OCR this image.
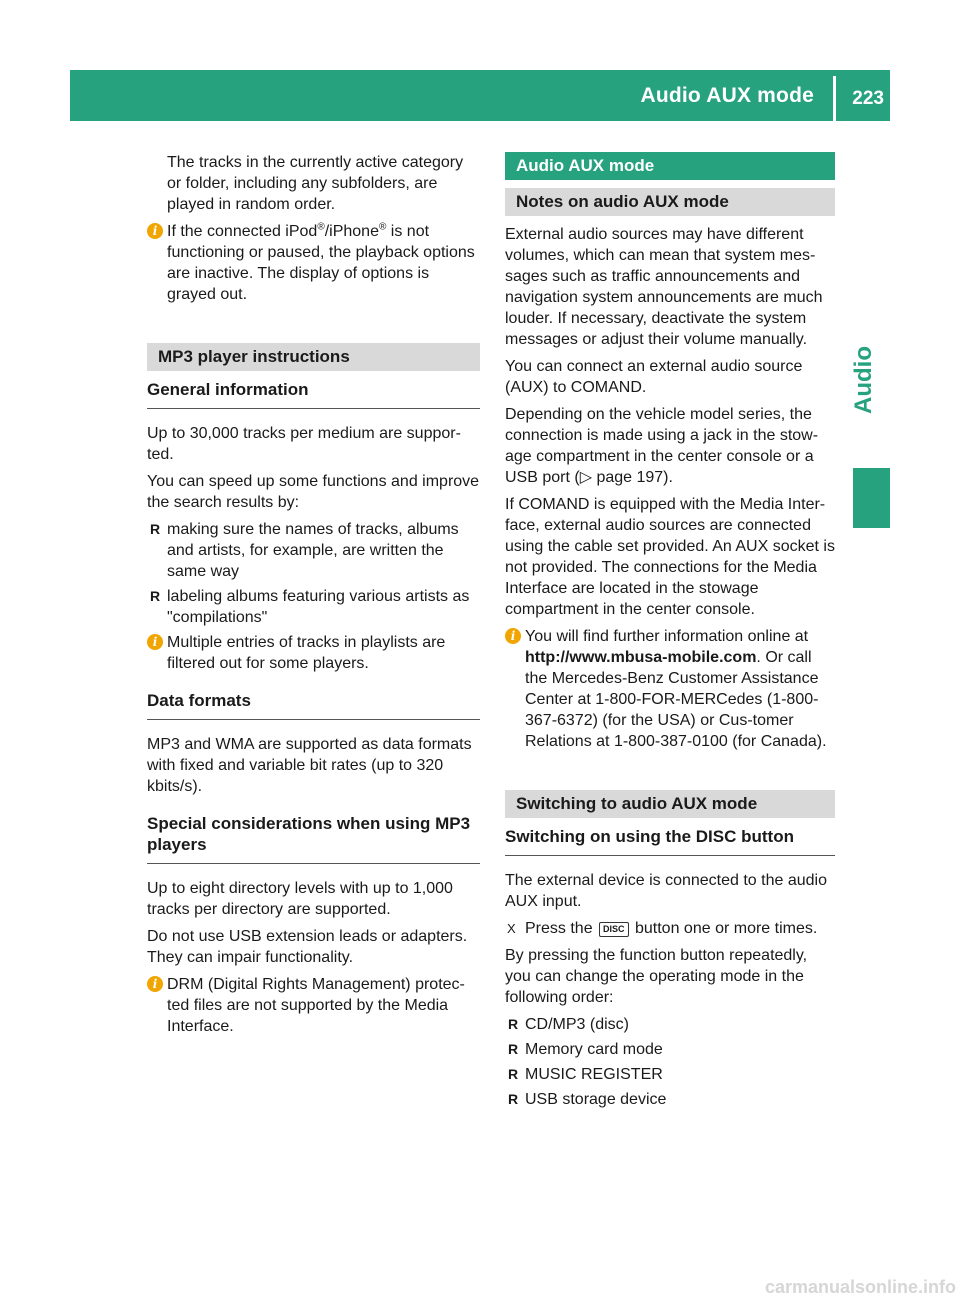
Audio AUX mode 223
Audio

The tracks in the currently active category or folder, including any subfolders, are played in random order.

i If the connected iPod®/iPhone® is not functioning or paused, the playback options are inactive. The display of options is grayed out.
MP3 player instructions
General information

Up to 30,000 tracks per medium are suppor-ted.

You can speed up some functions and improve the search results by:

R making sure the names of tracks, albums and artists, for example, are written the same way
R labeling albums featuring various artists as "compilations"
i Multiple entries of tracks in playlists are filtered out for some players.
Data formats

MP3 and WMA are supported as data formats with fixed and variable bit rates (up to 320 kbits/s).

Special considerations when using MP3 players

Up to eight directory levels with up to 1,000 tracks per directory are supported.

Do not use USB extension leads or adapters. They can impair functionality.

i DRM (Digital Rights Management) protec-ted files are not supported by the Media Interface.
Audio AUX mode
Notes on audio AUX mode

External audio sources may have different volumes, which can mean that system mes-sages such as traffic announcements and navigation system announcements are much louder. If necessary, deactivate the system messages or adjust their volume manually.

You can connect an external audio source (AUX) to COMAND.

Depending on the vehicle model series, the connection is made using a jack in the stow-age compartment in the center console or a USB port (▷ page 197).

If COMAND is equipped with the Media Inter-face, external audio sources are connected using the cable set provided. An AUX socket is not provided. The connections for the Media Interface are located in the stowage compartment in the center console.

i You will find further information online at http://www.mbusa-mobile.com. Or call the Mercedes-Benz Customer Assistance Center at 1-800-FOR-MERCedes (1-800-367-6372) (for the USA) or Cus-tomer Relations at 1-800-387-0100 (for Canada).
Switching to audio AUX mode
Switching on using the DISC button

The external device is connected to the audio AUX input.

X Press the DISC button one or more times.

By pressing the function button repeatedly, you can change the operating mode in the following order:

R CD/MP3 (disc)
R Memory card mode
R MUSIC REGISTER
R USB storage device
carmanualsonline.info
